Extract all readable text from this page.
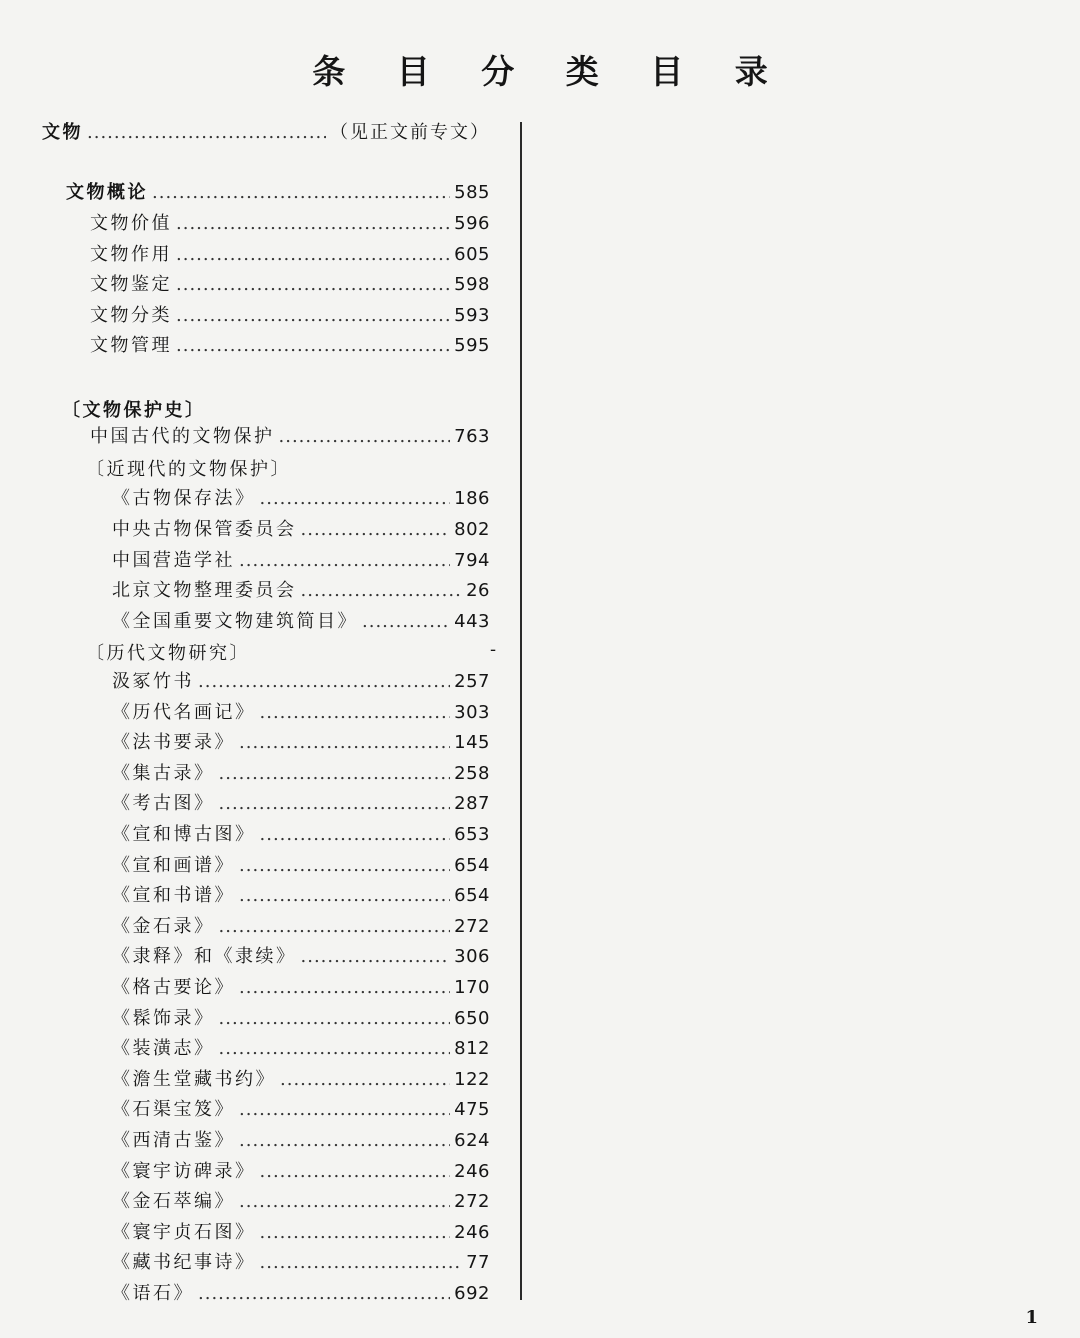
条 目 分 类 目 录
文物 .....	（见正文前专文）
文物概论 .....	585
文物价值 .....	596
文物作用 .....	605
文物鉴定 .....	598
文物分类 .....	593
文物管理 .....	595
〔文物保护史〕
中国古代的文物保护 .....	763
〔近现代的文物保护〕
《古物保存法》 .....	186
中央古物保管委员会 .....	802
中国营造学社 .....	794
北京文物整理委员会 .....	26
《全国重要文物建筑简目》 .....	443
〔历代文物研究〕	-
汲冢竹书 .....	257
《历代名画记》 .....	303
《法书要录》 .....	145
《集古录》 .....	258
《考古图》 .....	287
《宣和博古图》 .....	653
《宣和画谱》 .....	654
《宣和书谱》 .....	654
《金石录》 .....	272
《隶释》和《隶续》 .....	306
《格古要论》 .....	170
《髹饰录》 .....	650
《装潢志》 .....	812
《澹生堂藏书约》 .....	122
《石渠宝笈》 .....	475
《西清古鉴》 .....	624
《寰宇访碑录》 .....	246
《金石萃编》 .....	272
《寰宇贞石图》 .....	246
《藏书纪事诗》 .....	77
《语石》 .....	692
1
